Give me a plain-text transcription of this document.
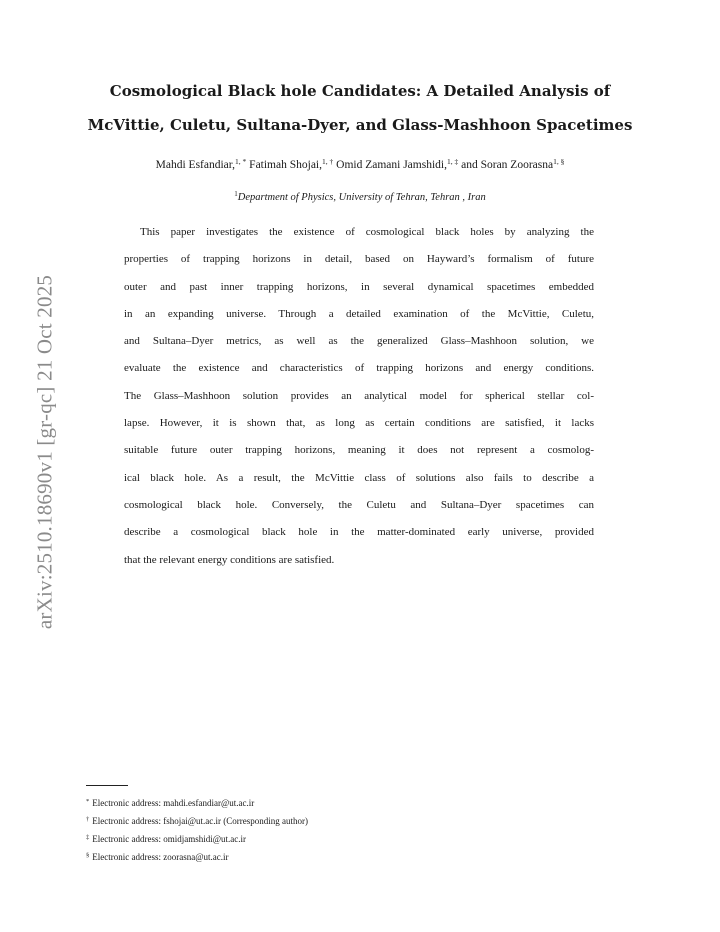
arXiv:2510.18690v1 [gr-qc] 21 Oct 2025
Cosmological Black hole Candidates: A Detailed Analysis of
McVittie, Culetu, Sultana-Dyer, and Glass-Mashhoon Spacetimes

Mahdi Esfandiar,$^{1, *}$ Fatimah Shojai,$^{1, \dagger}$ Omid Zamani Jamshidi,$^{1, \ddagger}$ and Soran Zoorasna$^{1, \S}$

$^1$Department of Physics, University of Tehran, Tehran , Iran

This paper investigates the existence of cosmological black holes by analyzing the
properties of trapping horizons in detail, based on Hayward’s formalism of future
outer and past inner trapping horizons, in several dynamical spacetimes embedded
in an expanding universe. Through a detailed examination of the McVittie, Culetu,
and Sultana–Dyer metrics, as well as the generalized Glass–Mashhoon solution, we
evaluate the existence and characteristics of trapping horizons and energy conditions.
The Glass–Mashhoon solution provides an analytical model for spherical stellar col-
lapse. However, it is shown that, as long as certain conditions are satisfied, it lacks
suitable future outer trapping horizons, meaning it does not represent a cosmolog-
ical black hole. As a result, the McVittie class of solutions also fails to describe a
cosmological black hole. Conversely, the Culetu and Sultana–Dyer spacetimes can
describe a cosmological black hole in the matter-dominated early universe, provided
that the relevant energy conditions are satisfied.
* Electronic address: mahdi.esfandiar@ut.ac.ir
† Electronic address: fshojai@ut.ac.ir (Corresponding author)
‡ Electronic address: omidjamshidi@ut.ac.ir
§ Electronic address: zoorasna@ut.ac.ir
